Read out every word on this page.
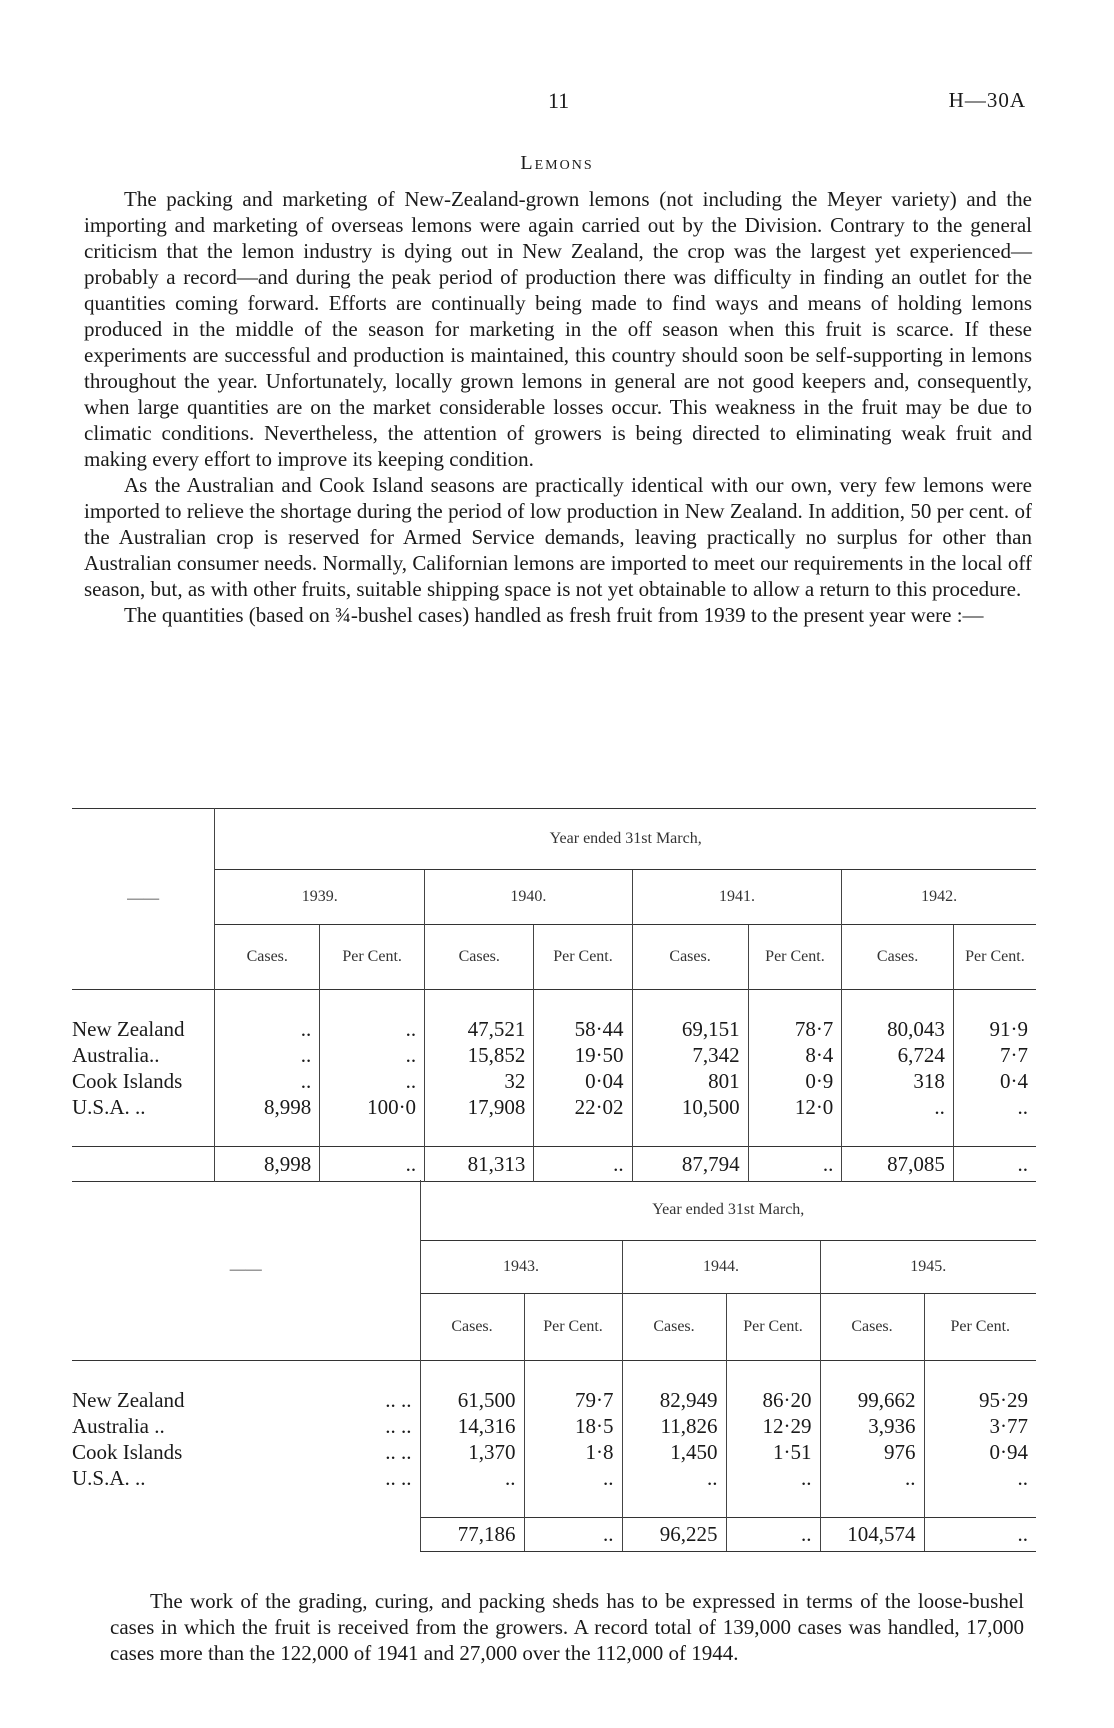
11	H—30A
Lemons

The packing and marketing of New-Zealand-grown lemons (not including the Meyer variety) and the importing and marketing of overseas lemons were again carried out by the Division. Contrary to the general criticism that the lemon industry is dying out in New Zealand, the crop was the largest yet experienced—probably a record—and during the peak period of production there was difficulty in finding an outlet for the quantities coming forward. Efforts are continually being made to find ways and means of holding lemons produced in the middle of the season for marketing in the off season when this fruit is scarce. If these experiments are successful and production is maintained, this country should soon be self-supporting in lemons throughout the year. Unfortunately, locally grown lemons in general are not good keepers and, consequently, when large quantities are on the market considerable losses occur. This weakness in the fruit may be due to climatic conditions. Nevertheless, the attention of growers is being directed to eliminating weak fruit and making every effort to improve its keeping condition.

As the Australian and Cook Island seasons are practically identical with our own, very few lemons were imported to relieve the shortage during the period of low production in New Zealand. In addition, 50 per cent. of the Australian crop is reserved for Armed Service demands, leaving practically no surplus for other than Australian consumer needs. Normally, Californian lemons are imported to meet our requirements in the local off season, but, as with other fruits, suitable shipping space is not yet obtainable to allow a return to this procedure.

The quantities (based on ¾-bushel cases) handled as fresh fruit from 1939 to the present year were :—

——	Year ended 31st March,							
	1939.		1940.		1941.		1942.	
	Cases.	Per Cent.	Cases.	Per Cent.	Cases.	Per Cent.	Cases.	Per Cent.

New Zealand	..	..	47,521	58·44	69,151	78·7	80,043	91·9
Australia..	..	..	15,852	19·50	7,342	8·4	6,724	7·7
Cook Islands	..	..	32	0·04	801	0·9	318	0·4
U.S.A. ..	8,998	100·0	17,908	22·02	10,500	12·0	..	..

	8,998	..	81,313	..	87,794	..	87,085	..
——		Year ended 31st March,					
		1943.		1944.		1945.	
		Cases.	Per Cent.	Cases.	Per Cent.	Cases.	Per Cent.

New Zealand	.. ..	61,500	79·7	82,949	86·20	99,662	95·29
Australia ..	.. ..	14,316	18·5	11,826	12·29	3,936	3·77
Cook Islands	.. ..	1,370	1·8	1,450	1·51	976	0·94
U.S.A. ..	.. ..	..	..	..	..	..	..

		77,186	..	96,225	..	104,574	..

The work of the grading, curing, and packing sheds has to be expressed in terms of the loose-bushel cases in which the fruit is received from the growers. A record total of 139,000 cases was handled, 17,000 cases more than the 122,000 of 1941 and 27,000 over the 112,000 of 1944.
